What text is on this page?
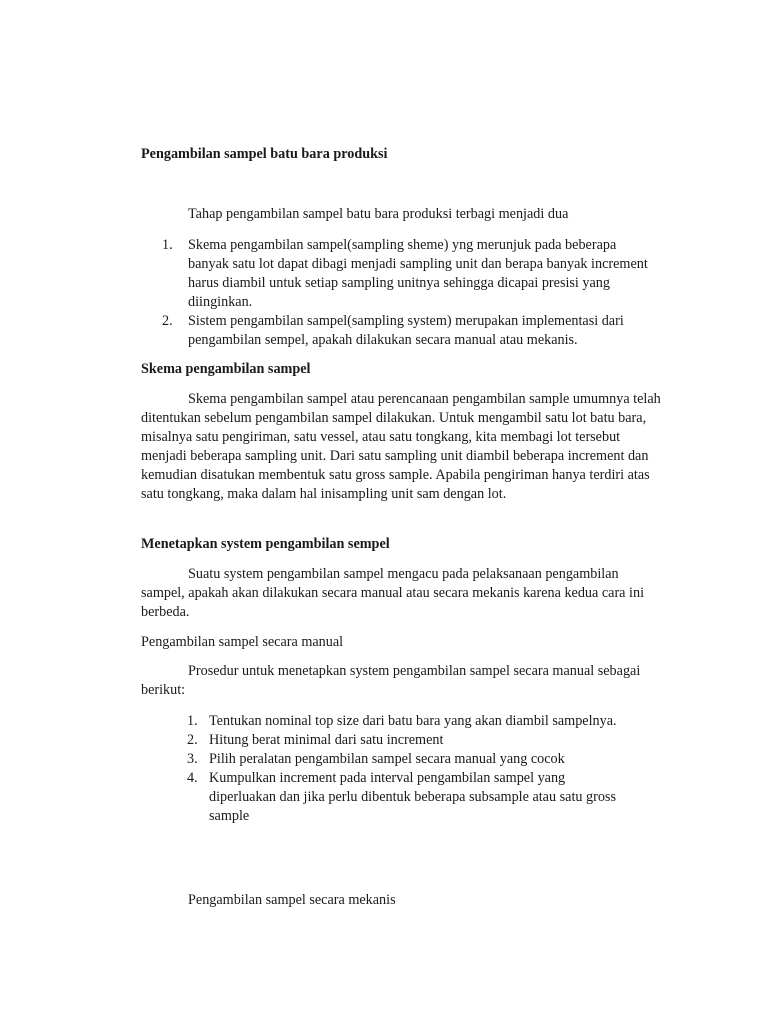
Pengambilan sampel batu bara produksi

Tahap pengambilan sampel batu bara produksi terbagi menjadi dua

1. Skema pengambilan sampel(sampling sheme) yng merunjuk pada beberapa banyak satu lot dapat dibagi menjadi sampling unit dan berapa banyak increment harus diambil untuk setiap sampling unitnya sehingga dicapai presisi yang diinginkan.
2. Sistem pengambilan sampel(sampling system) merupakan implementasi dari pengambilan sempel, apakah dilakukan secara manual atau mekanis.

Skema pengambilan sampel

Skema pengambilan sampel atau perencanaan pengambilan sample umumnya telah ditentukan sebelum pengambilan sampel dilakukan. Untuk mengambil satu lot batu bara, misalnya satu pengiriman, satu vessel, atau satu tongkang, kita membagi lot tersebut menjadi beberapa sampling unit. Dari satu sampling unit diambil beberapa increment dan kemudian disatukan membentuk satu gross sample. Apabila pengiriman hanya terdiri atas satu tongkang, maka dalam hal inisampling unit sam dengan lot.

Menetapkan system pengambilan sempel

Suatu system pengambilan sampel mengacu pada pelaksanaan pengambilan sampel, apakah akan dilakukan secara manual atau secara mekanis karena kedua cara ini berbeda.

Pengambilan sampel secara manual

Prosedur untuk menetapkan system pengambilan sampel secara manual sebagai berikut:

1. Tentukan nominal top size dari batu bara yang akan diambil sampelnya.
2. Hitung berat minimal dari satu increment
3. Pilih peralatan pengambilan sampel secara manual yang cocok
4. Kumpulkan increment pada interval pengambilan sampel yang diperluakan dan jika perlu dibentuk beberapa subsample atau satu gross sample

Pengambilan sampel secara mekanis
